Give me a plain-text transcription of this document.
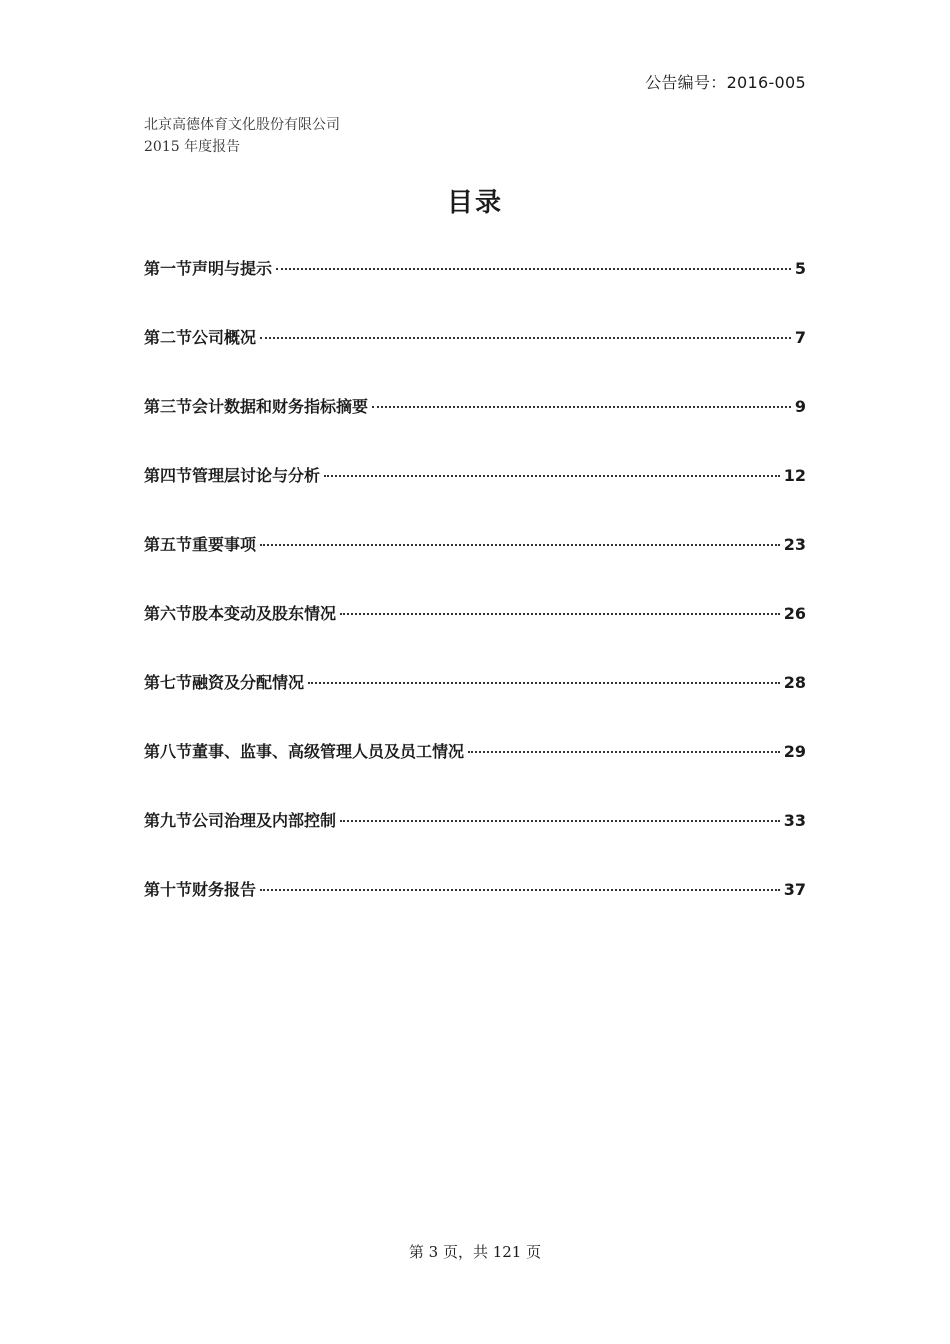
公告编号：2016-005
北京高德体育文化股份有限公司
2015 年度报告
目录
第一节声明与提示	5
第二节公司概况	7
第三节会计数据和财务指标摘要	9
第四节管理层讨论与分析	12
第五节重要事项	23
第六节股本变动及股东情况	26
第七节融资及分配情况	28
第八节董事、监事、高级管理人员及员工情况	29
第九节公司治理及内部控制	33
第十节财务报告	37
第 3 页，共 121 页
